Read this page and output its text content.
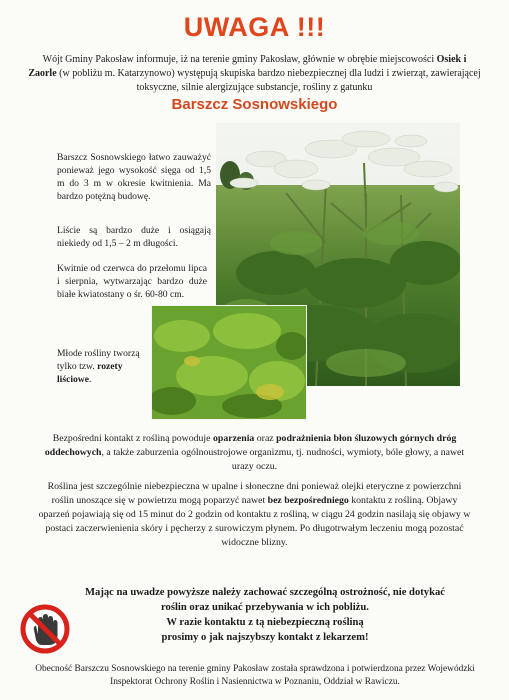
UWAGA !!!
Wójt Gminy Pakosław informuje, iż na terenie gminy Pakosław, głównie w obrębie miejscowości Osiek i Zaorle (w pobliżu m. Katarzynowo) występują skupiska bardzo niebezpiecznej dla ludzi i zwierząt, zawierającej toksyczne, silnie alergizujące substancje, rośliny z gatunku
Barszcz Sosnowskiego
Barszcz Sosnowskiego łatwo zauważyć ponieważ jego wysokość sięga od 1,5 m do 3 m w okresie kwitnienia. Ma bardzo potężną budowę.
Liście są bardzo duże i osiągają niekiedy od 1,5 – 2 m długości.
Kwitnie od czerwca do przełomu lipca i sierpnia, wytwarzając bardzo duże białe kwiatostany o śr. 60-80 cm.
Młode rośliny tworzą tylko tzw. rozety liściowe.
Bezpośredni kontakt z rośliną powoduje oparzenia oraz podrażnienia błon śluzowych górnych dróg oddechowych, a także zaburzenia ogólnoustrojowe organizmu, tj. nudności, wymioty, bóle głowy, a nawet urazy oczu.
Roślina jest szczególnie niebezpieczna w upalne i słoneczne dni ponieważ olejki eteryczne z powierzchni roślin unoszące się w powietrzu mogą poparzyć nawet bez bezpośredniego kontaktu z rośliną. Objawy oparzeń pojawiają się od 15 minut do 2 godzin od kontaktu z rośliną, w ciągu 24 godzin nasilają się objawy w postaci zaczerwienienia skóry i pęcherzy z surowiczym płynem. Po długotrwałym leczeniu mogą pozostać widoczne blizny.
Mając na uwadze powyższe należy zachować szczególną ostrożność, nie dotykać
roślin oraz unikać przebywania w ich pobliżu.
W razie kontaktu z tą niebezpieczną rośliną
prosimy o jak najszybszy kontakt z lekarzem!
Obecność Barszczu Sosnowskiego na terenie gminy Pakosław została sprawdzona i potwierdzona przez Wojewódzki Inspektorat Ochrony Roślin i Nasiennictwa w Poznaniu, Oddział w Rawiczu.
